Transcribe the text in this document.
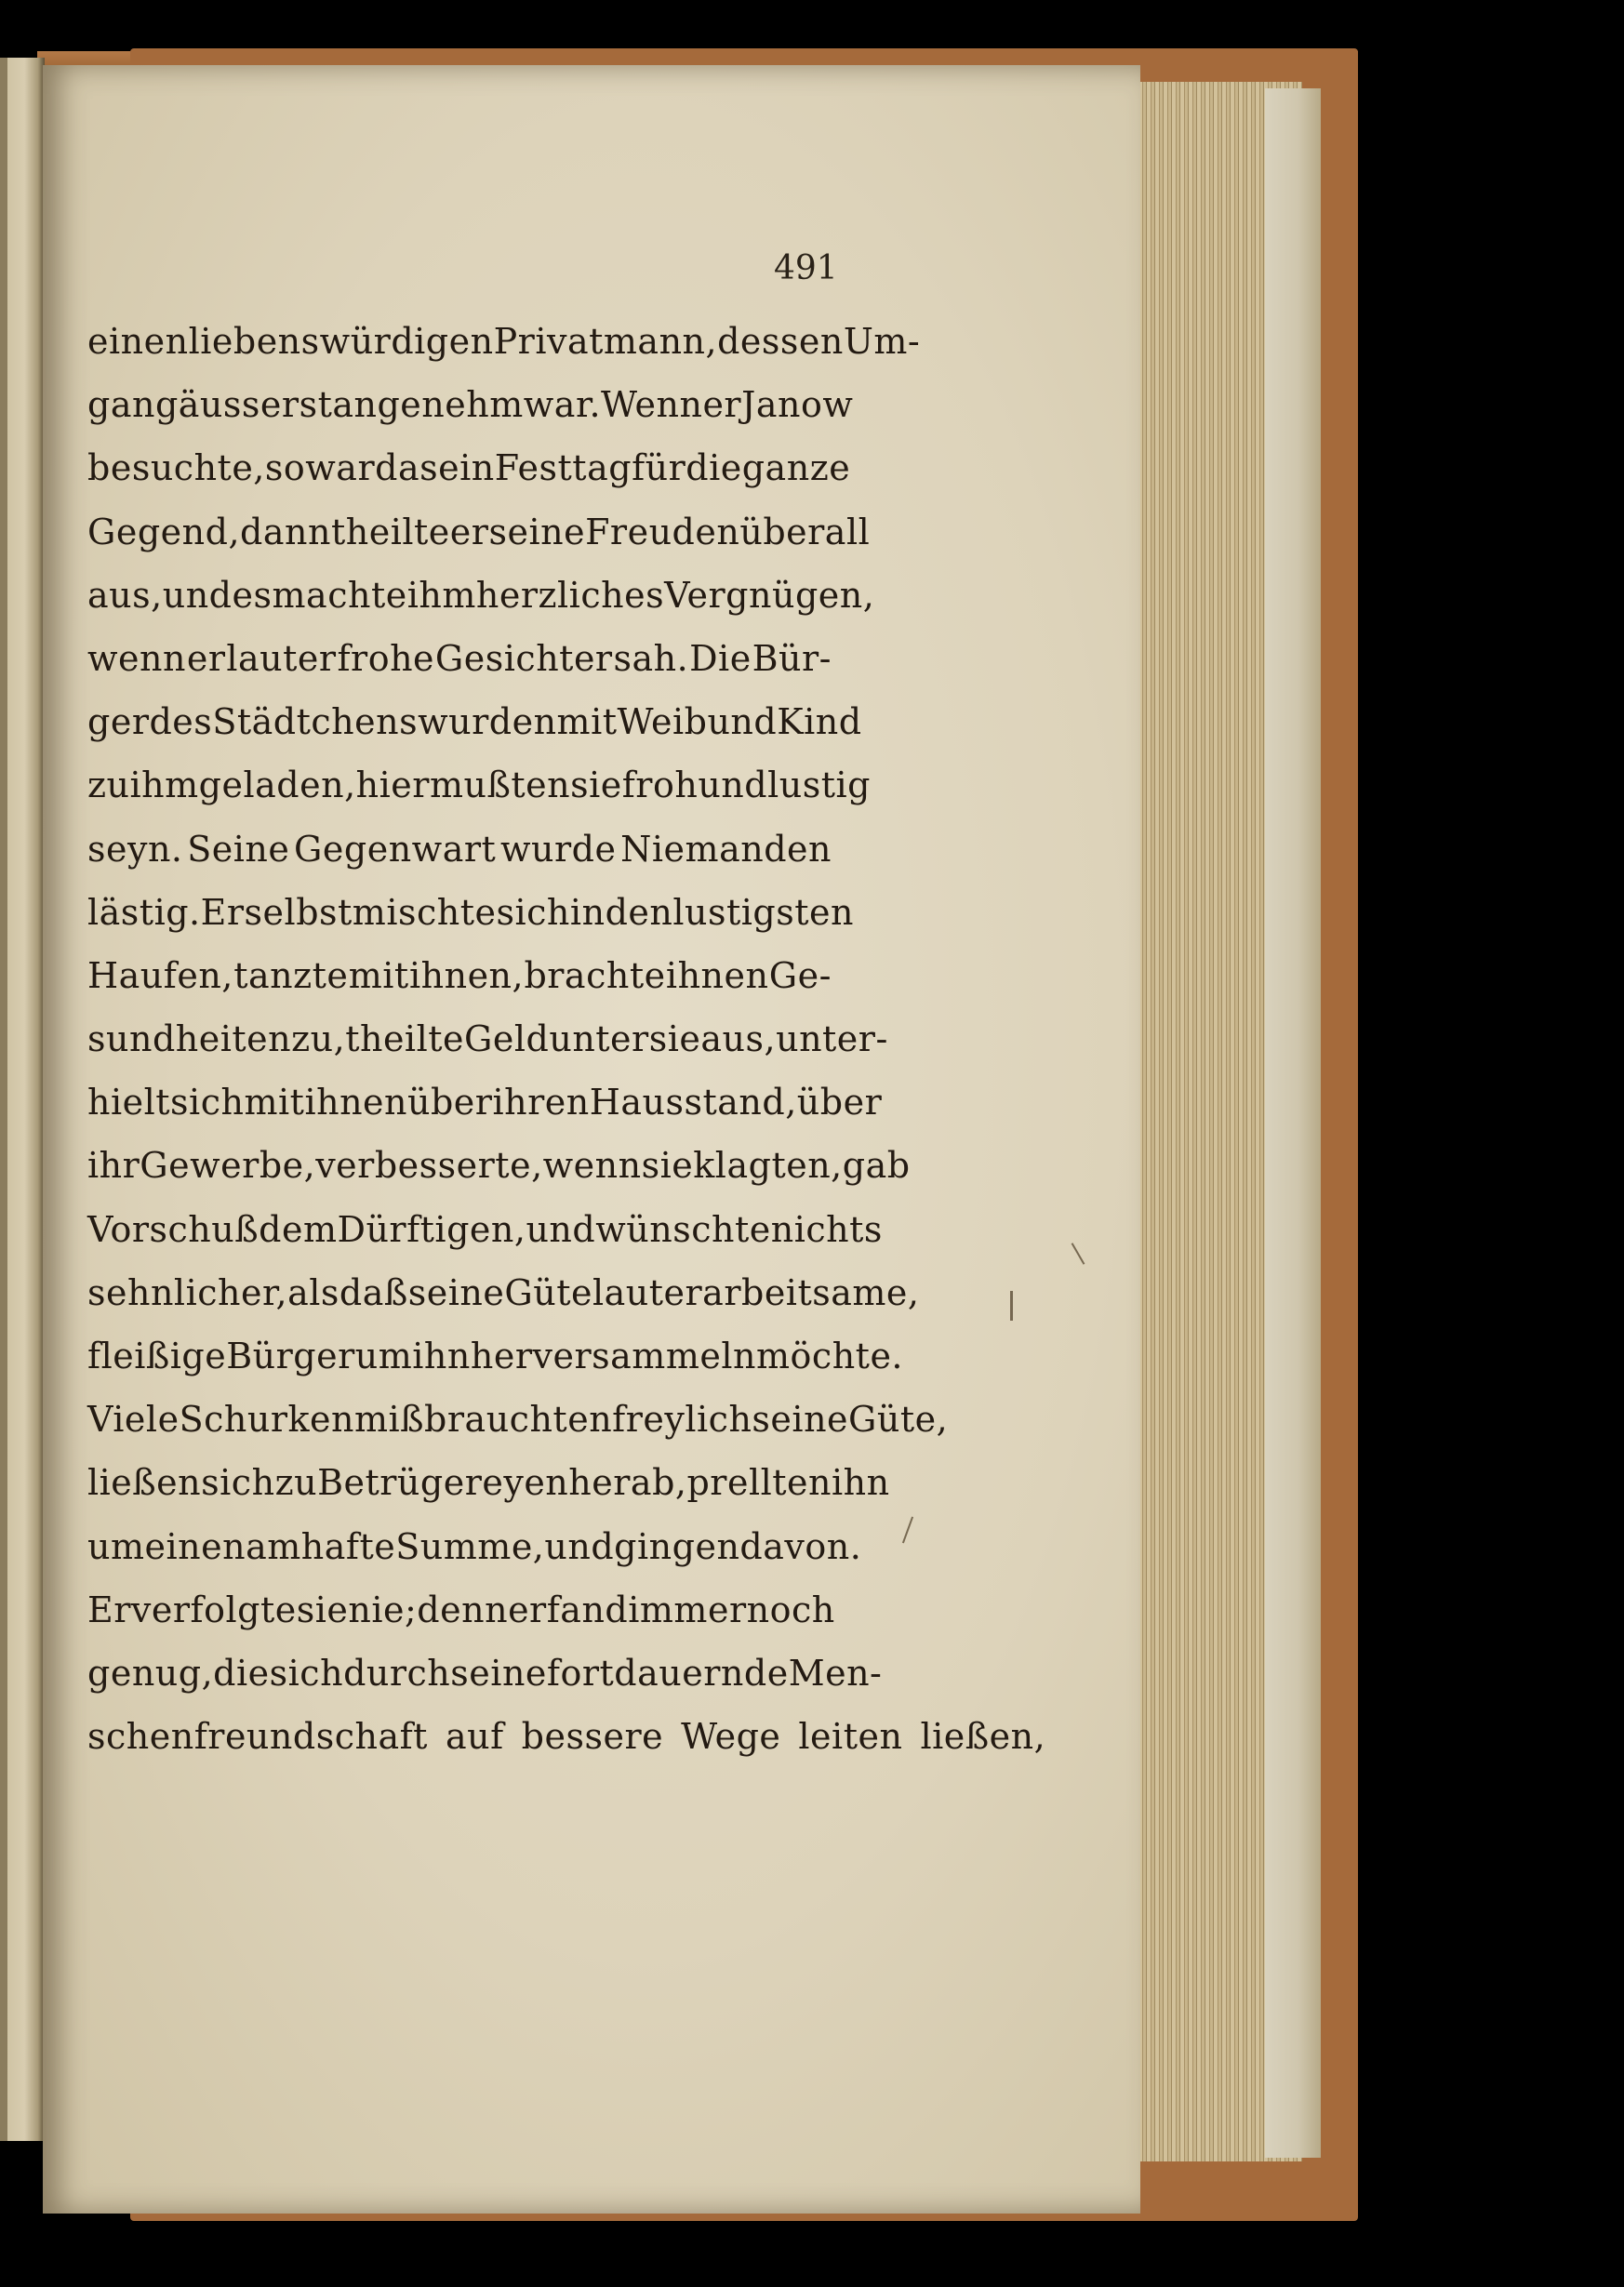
491
einen liebenswürdigen Privatmann, dessen Um-
gang äusserst angenehm war. Wenn er Janow
besuchte, so war das ein Festtag für die ganze
Gegend, dann theilte er seine Freuden überall
aus, und es machte ihm herzliches Vergnügen,
wenn er lauter frohe Gesichter sah. Die Bür-
ger des Städtchens wurden mit Weib und Kind
zu ihm geladen, hier mußten sie froh und lustig
seyn. Seine Gegenwart wurde Niemanden
lästig. Er selbst mischte sich in den lustigsten
Haufen, tanzte mit ihnen, brachte ihnen Ge-
sundheiten zu, theilte Geld unter sie aus, unter-
hielt sich mit ihnen über ihren Hausstand, über
ihr Gewerbe, verbesserte, wenn sie klagten, gab
Vorschuß dem Dürftigen, und wünschte nichts
sehnlicher, als daß seine Güte lauter arbeitsame,
fleißige Bürger um ihn her versammeln möchte.
Viele Schurken mißbrauchten freylich seine Güte,
ließen sich zu Betrügereyen herab, prellten ihn
um eine namhafte Summe, und gingen davon.
Er verfolgte sie nie; denn er fand immer noch
genug, die sich durch seine fortdauernde Men-
schenfreundschaft auf bessere Wege leiten ließen,
